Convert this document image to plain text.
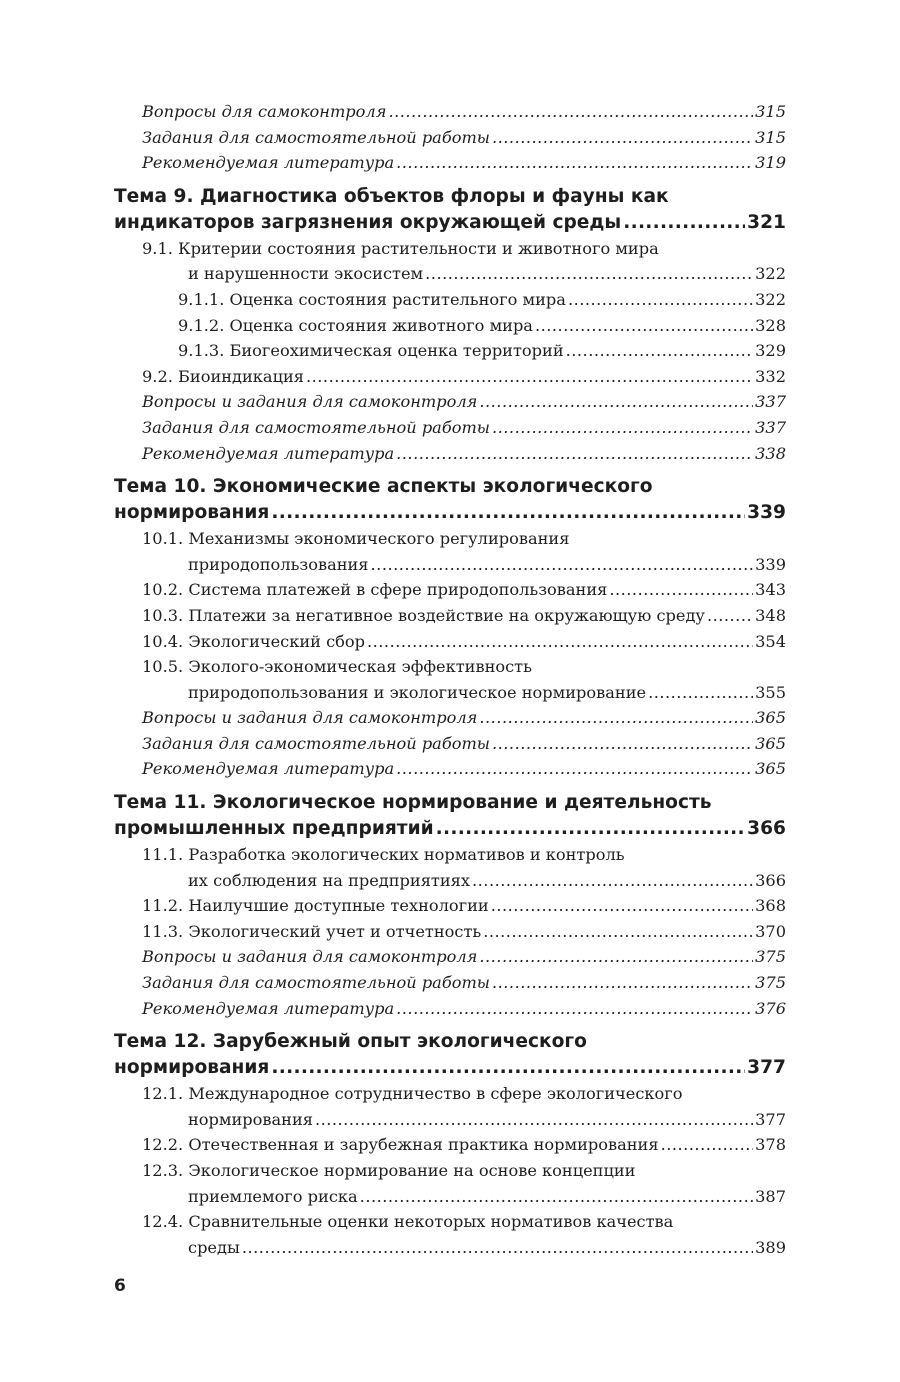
Вопросы для самоконтроля .....	315
Задания для самостоятельной работы .....	315
Рекомендуемая литература .....	319
Тема 9. Диагностика объектов флоры и фауны как
индикаторов загрязнения окружающей среды .....	321
9.1. Критерии состояния растительности и животного мира
и нарушенности экосистем .....	322
9.1.1. Оценка состояния растительного мира .....	322
9.1.2. Оценка состояния животного мира .....	328
9.1.3. Биогеохимическая оценка территорий .....	329
9.2. Биоиндикация .....	332
Вопросы и задания для самоконтроля .....	337
Задания для самостоятельной работы .....	337
Рекомендуемая литература .....	338
Тема 10. Экономические аспекты экологического
нормирования .....	339
10.1. Механизмы экономического регулирования
природопользования .....	339
10.2. Система платежей в сфере природопользования .....	343
10.3. Платежи за негативное воздействие на окружающую среду .....	348
10.4. Экологический сбор .....	354
10.5. Эколого-экономическая эффективность
природопользования и экологическое нормирование .....	355
Вопросы и задания для самоконтроля .....	365
Задания для самостоятельной работы .....	365
Рекомендуемая литература .....	365
Тема 11. Экологическое нормирование и деятельность
промышленных предприятий .....	366
11.1. Разработка экологических нормативов и контроль
их соблюдения на предприятиях .....	366
11.2. Наилучшие доступные технологии .....	368
11.3. Экологический учет и отчетность .....	370
Вопросы и задания для самоконтроля .....	375
Задания для самостоятельной работы .....	375
Рекомендуемая литература .....	376
Тема 12. Зарубежный опыт экологического
нормирования .....	377
12.1. Международное сотрудничество в сфере экологического
нормирования .....	377
12.2. Отечественная и зарубежная практика нормирования .....	378
12.3. Экологическое нормирование на основе концепции
приемлемого риска .....	387
12.4. Сравнительные оценки некоторых нормативов качества
среды .....	389
6
